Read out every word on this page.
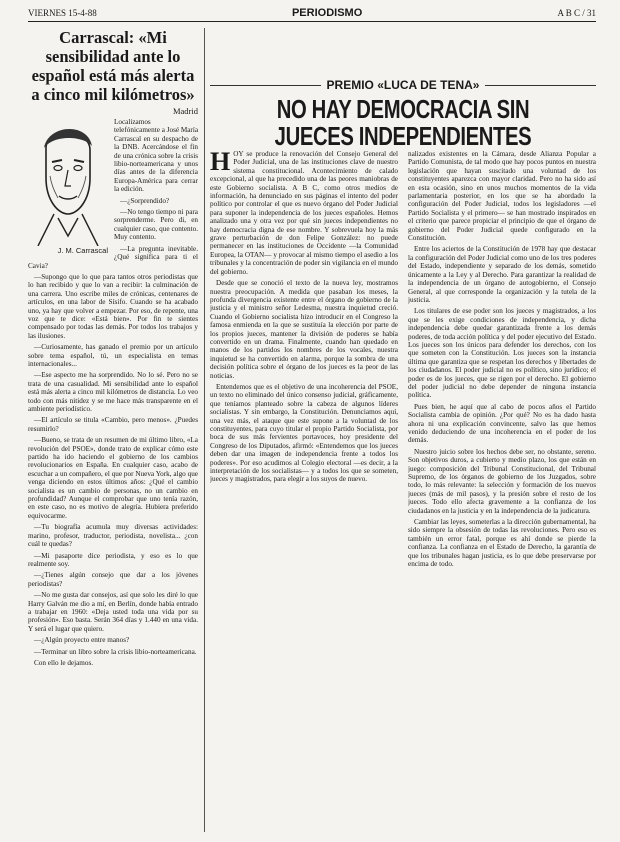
VIERNES 15-4-88	PERIODISMO	A B C / 31
Carrascal: «Mi sensibilidad ante lo español está más alerta a cinco mil kilómetros»
Madrid
J. M. Carrascal

Localizamos telefónicamente a José María Carrascal en su despacho de la DNB. Acercándose el fin de una crónica sobre la crisis libio-norteamericana y unos días antes de la diferencia Europa-América para cerrar la edición.

—¿Sorprendido?

—No tengo tiempo ni para sorprenderme. Pero di, en cualquier caso, que contento. Muy contento.

—La pregunta inevitable. ¿Qué significa para ti el Cavia?

—Supongo que lo que para tantos otros periodistas que lo han recibido y que lo van a recibir: la culminación de una carrera. Uno escribe miles de crónicas, centenares de artículos, en una labor de Sísifo. Cuando se ha acabado uno, ya hay que volver a empezar. Por eso, de repente, una voz que te dice: «Está bien». Por fin te sientes compensado por todas las demás. Por todos los trabajos y las ilusiones.

—Curiosamente, has ganado el premio por un artículo sobre tema español, tú, un especialista en temas internacionales...

—Ese aspecto me ha sorprendido. No lo sé. Pero no se trata de una casualidad. Mi sensibilidad ante lo español está más alerta a cinco mil kilómetros de distancia. Lo veo todo con más nitidez y se me hace más transparente en el ambiente periodístico.

—El artículo se titula «Cambio, pero menos». ¿Puedes resumirlo?

—Bueno, se trata de un resumen de mi último libro, «La revolución del PSOE», donde trato de explicar cómo este partido ha ido haciendo el gobierno de los cambios revolucionarios en España. En cualquier caso, acabo de escuchar a un compañero, el que por Nueva York, algo que venga diciendo en estos últimos años: ¿Qué el cambio socialista es un cambio de personas, no un cambio en profundidad? Aunque el comprobar que uno tenía razón, en este caso, no es motivo de alegría. Hubiera preferido equivocarme.

—Tu biografía acumula muy diversas actividades: marino, profesor, traductor, periodista, novelista... ¿con cuál te quedas?

—Mi pasaporte dice periodista, y eso es lo que realmente soy.

—¿Tienes algún consejo que dar a los jóvenes periodistas?

—No me gusta dar consejos, así que solo les diré lo que Harry Galván me dio a mí, en Berlín, donde había entrado a trabajar en 1960: «Deja usted toda una vida por su profesión». Eso basta. Serán 364 días y 1.440 en una vida. Y será el lugar que quiero.

—¿Algún proyecto entre manos?

—Terminar un libro sobre la crisis libio-norteamericana.

Con ello le dejamos.

PREMIO «LUCA DE TENA»
NO HAY DEMOCRACIA SIN JUECES INDEPENDIENTES

HOY se produce la renovación del Consejo General del Poder Judicial, una de las instituciones clave de nuestro sistema constitucional. Acontecimiento de calado excepcional, al que ha precedido una de las peores maniobras de este Gobierno socialista. A B C, como otros medios de información, ha denunciado en sus páginas el intento del poder político por controlar el que es nuevo órgano del Poder Judicial para suponer la independencia de los jueces españoles. Hemos analizado una y otra vez por qué sin jueces independientes no hay democracia digna de ese nombre. Y sobrevuela hoy la más grave perturbación de don Felipe González: no puede permanecer en las instituciones de Occidente —la Comunidad Europea, la OTAN— y provocar al mismo tiempo el asedio a los tribunales y la concentración de poder sin vigilancia en el mundo del gobierno.

Desde que se conoció el texto de la nueva ley, mostramos nuestra preocupación. A medida que pasaban los meses, la profunda divergencia existente entre el órgano de gobierno de la justicia y el ministro señor Ledesma, nuestra inquietud creció. Cuando el Gobierno socialista hizo introducir en el Congreso la famosa enmienda en la que se sustituía la elección por parte de los propios jueces, mantener la división de poderes se había convertido en un drama. Finalmente, cuando han quedado en manos de los partidos los nombres de los vocales, nuestra inquietud se ha convertido en alarma, porque la sombra de una decisión política sobre el órgano de los jueces es la peor de las noticias.

Entendemos que es el objetivo de una incoherencia del PSOE, un texto no eliminado del único consenso judicial, gráficamente, que teníamos planteado sobre la cabeza de algunos líderes socialistas. Y sin embargo, la Constitución. Denunciamos aquí, una vez más, el ataque que este supone a la voluntad de los constituyentes, para cuyo titular el propio Partido Socialista, por boca de sus más fervientes portavoces, hoy presidente del Congreso de los Diputados, afirmó: «Entendemos que los jueces deben dar una imagen de independencia frente a todos los poderes». Por eso acudimos al Colegio electoral —es decir, a la interpretación de los socialistas— y a todos los que se someten, jueces y magistrados, para elegir a los suyos de nuevo.

nalizados existentes en la Cámara, desde Alianza Popular a Partido Comunista, de tal modo que hay pocos puntos en nuestra legislación que hayan suscitado una voluntad de los constituyentes aparezca con mayor claridad. Pero no ha sido así en esta ocasión, sino en unos muchos momentos de la vida parlamentaria posterior, en los que se ha abordado la configuración del Poder Judicial, todos los legisladores —el Partido Socialista y el primero— se han mostrado inspirados en el criterio que parece propiciar el principio de que el órgano de gobierno del Poder Judicial quede configurado en la Constitución.

Entre los aciertos de la Constitución de 1978 hay que destacar la configuración del Poder Judicial como uno de los tres poderes del Estado, independiente y separado de los demás, sometido únicamente a la Ley y al Derecho. Para garantizar la realidad de la independencia de un órgano de autogobierno, el Consejo General, al que corresponde la organización y la tutela de la justicia.

Los titulares de ese poder son los jueces y magistrados, a los que se les exige condiciones de independencia, y dicha independencia debe quedar garantizada frente a los demás poderes, de toda acción política y del poder ejecutivo del Estado. Los jueces son los únicos para defender los derechos, con los que someten con la Constitución. Los jueces son la instancia última que garantiza que se respetan los derechos y libertades de los ciudadanos. El poder judicial no es político, sino jurídico; el poder es de los jueces, que se rigen por el derecho. El gobierno del poder judicial no debe depender de ninguna instancia política.

Pues bien, he aquí que al cabo de pocos años el Partido Socialista cambia de opinión. ¿Por qué? No es ha dado hasta ahora ni una explicación convincente, salvo las que hemos venido deduciendo de una incoherencia en el poder de los demás.

Nuestro juicio sobre los hechos debe ser, no obstante, sereno. Son objetivos duros, a cubierto y medio plazo, los que están en juego: composición del Tribunal Constitucional, del Tribunal Supremo, de los órganos de gobierno de los Juzgados, sobre todo, lo más relevante: la selección y formación de los nuevos jueces (más de mil pasos), y la presión sobre el resto de los jueces. Todo ello afecta gravemente a la confianza de los ciudadanos en la justicia y en la independencia de la judicatura.

Cambiar las leyes, someterlas a la dirección gubernamental, ha sido siempre la obsesión de todas las revoluciones. Pero eso es también un error fatal, porque es ahí donde se pierde la confianza. La confianza en el Estado de Derecho, la garantía de que los tribunales hagan justicia, es lo que debe preservarse por encima de todo.
